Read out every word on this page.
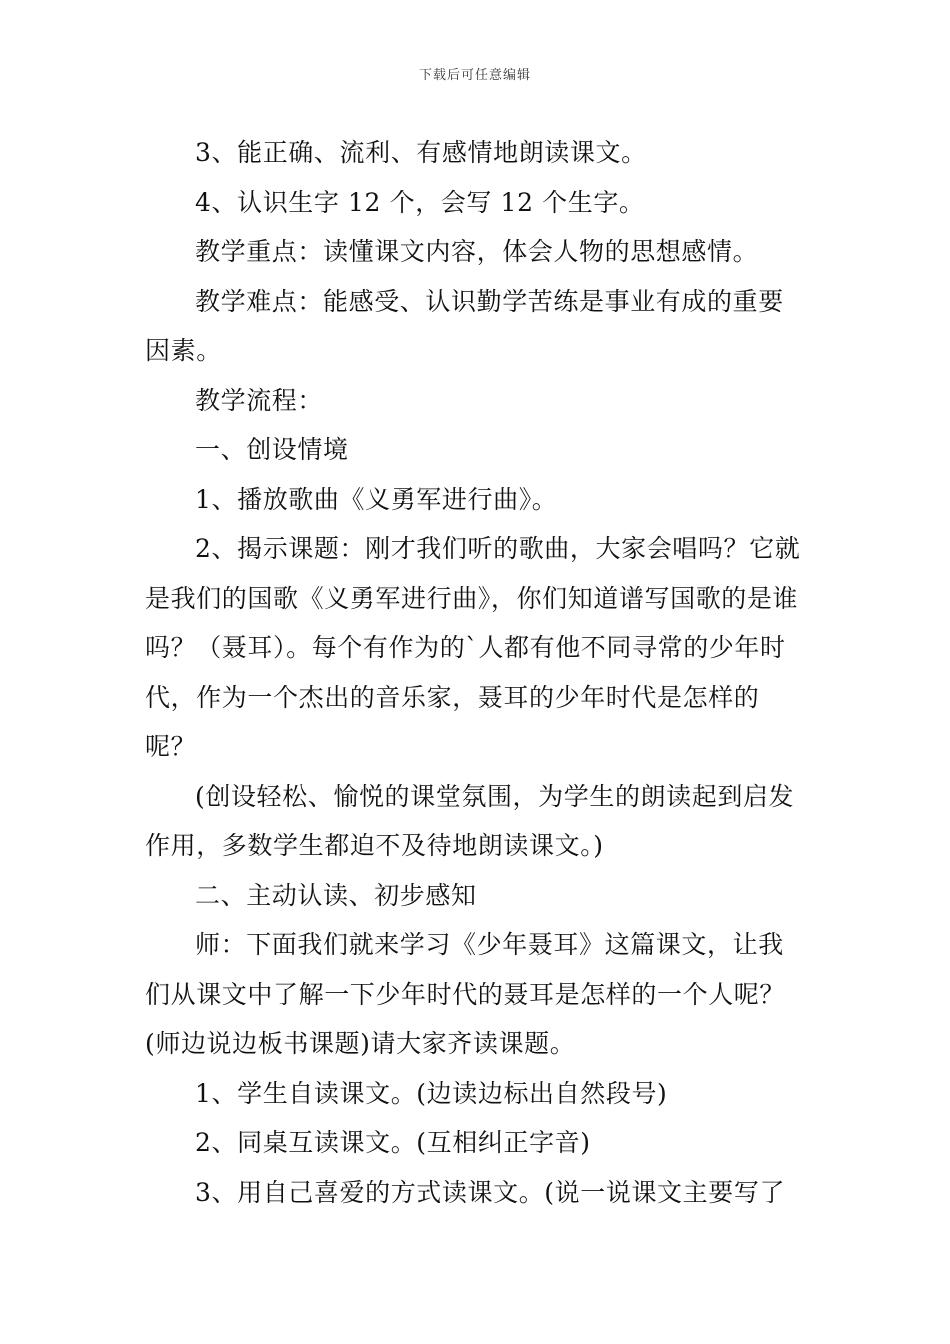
下载后可任意编辑

3、能正确、流利、有感情地朗读课文。

4、认识生字 12 个，会写 12 个生字。

教学重点：读懂课文内容，体会人物的思想感情。

教学难点：能感受、认识勤学苦练是事业有成的重要因素。

教学流程：

一、创设情境

1、播放歌曲《义勇军进行曲》。

2、揭示课题：刚才我们听的歌曲，大家会唱吗？它就是我们的国歌《义勇军进行曲》，你们知道谱写国歌的是谁吗？（聂耳）。每个有作为的`人都有他不同寻常的少年时代，作为一个杰出的音乐家，聂耳的少年时代是怎样的呢？

(创设轻松、愉悦的课堂氛围，为学生的朗读起到启发作用，多数学生都迫不及待地朗读课文。)

二、主动认读、初步感知

师：下面我们就来学习《少年聂耳》这篇课文，让我们从课文中了解一下少年时代的聂耳是怎样的一个人呢？(师边说边板书课题)请大家齐读课题。

1、学生自读课文。(边读边标出自然段号)

2、同桌互读课文。(互相纠正字音)

3、用自己喜爱的方式读课文。(说一说课文主要写了
